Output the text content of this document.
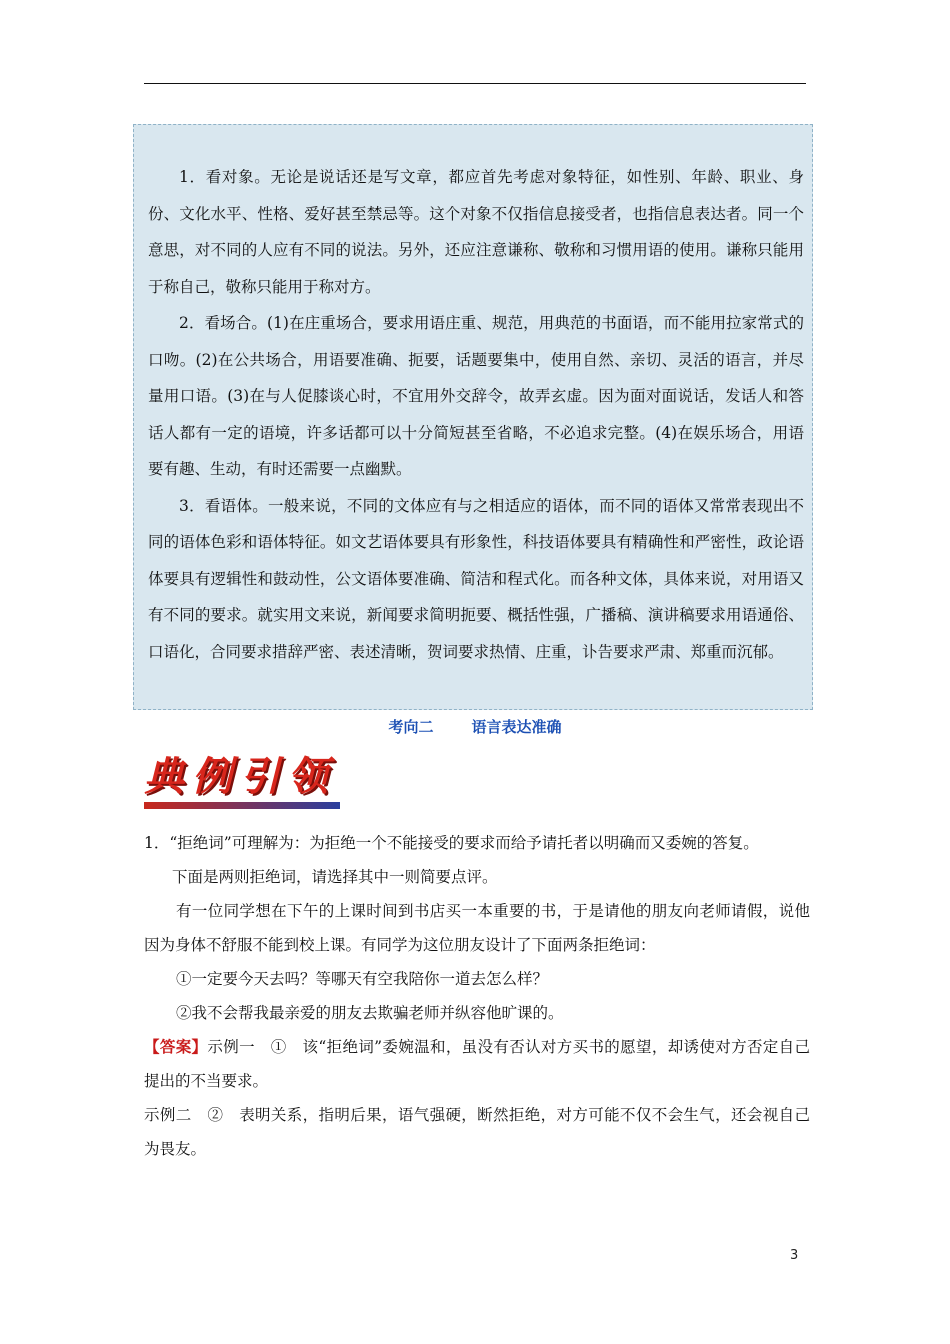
1．看对象。无论是说话还是写文章，都应首先考虑对象特征，如性别、年龄、职业、身份、文化水平、性格、爱好甚至禁忌等。这个对象不仅指信息接受者，也指信息表达者。同一个意思，对不同的人应有不同的说法。另外，还应注意谦称、敬称和习惯用语的使用。谦称只能用于称自己，敬称只能用于称对方。

2．看场合。(1)在庄重场合，要求用语庄重、规范，用典范的书面语，而不能用拉家常式的口吻。(2)在公共场合，用语要准确、扼要，话题要集中，使用自然、亲切、灵活的语言，并尽量用口语。(3)在与人促膝谈心时，不宜用外交辞令，故弄玄虚。因为面对面说话，发话人和答话人都有一定的语境，许多话都可以十分简短甚至省略，不必追求完整。(4)在娱乐场合，用语要有趣、生动，有时还需要一点幽默。

3．看语体。一般来说，不同的文体应有与之相适应的语体，而不同的语体又常常表现出不同的语体色彩和语体特征。如文艺语体要具有形象性，科技语体要具有精确性和严密性，政论语体要具有逻辑性和鼓动性，公文语体要准确、简洁和程式化。而各种文体，具体来说，对用语又有不同的要求。就实用文来说，新闻要求简明扼要、概括性强，广播稿、演讲稿要求用语通俗、口语化，合同要求措辞严密、表述清晰，贺词要求热情、庄重，讣告要求严肃、郑重而沉郁。

考向二	语言表达准确
典例引领

1．“拒绝词”可理解为：为拒绝一个不能接受的要求而给予请托者以明确而又委婉的答复。

下面是两则拒绝词，请选择其中一则简要点评。

有一位同学想在下午的上课时间到书店买一本重要的书，于是请他的朋友向老师请假，说他因为身体不舒服不能到校上课。有同学为这位朋友设计了下面两条拒绝词：

①一定要今天去吗？等哪天有空我陪你一道去怎么样？

②我不会帮我最亲爱的朋友去欺骗老师并纵容他旷课的。

【答案】示例一　①　该“拒绝词”委婉温和，虽没有否认对方买书的愿望，却诱使对方否定自己提出的不当要求。

示例二　②　表明关系，指明后果，语气强硬，断然拒绝，对方可能不仅不会生气，还会视自己为畏友。

3
